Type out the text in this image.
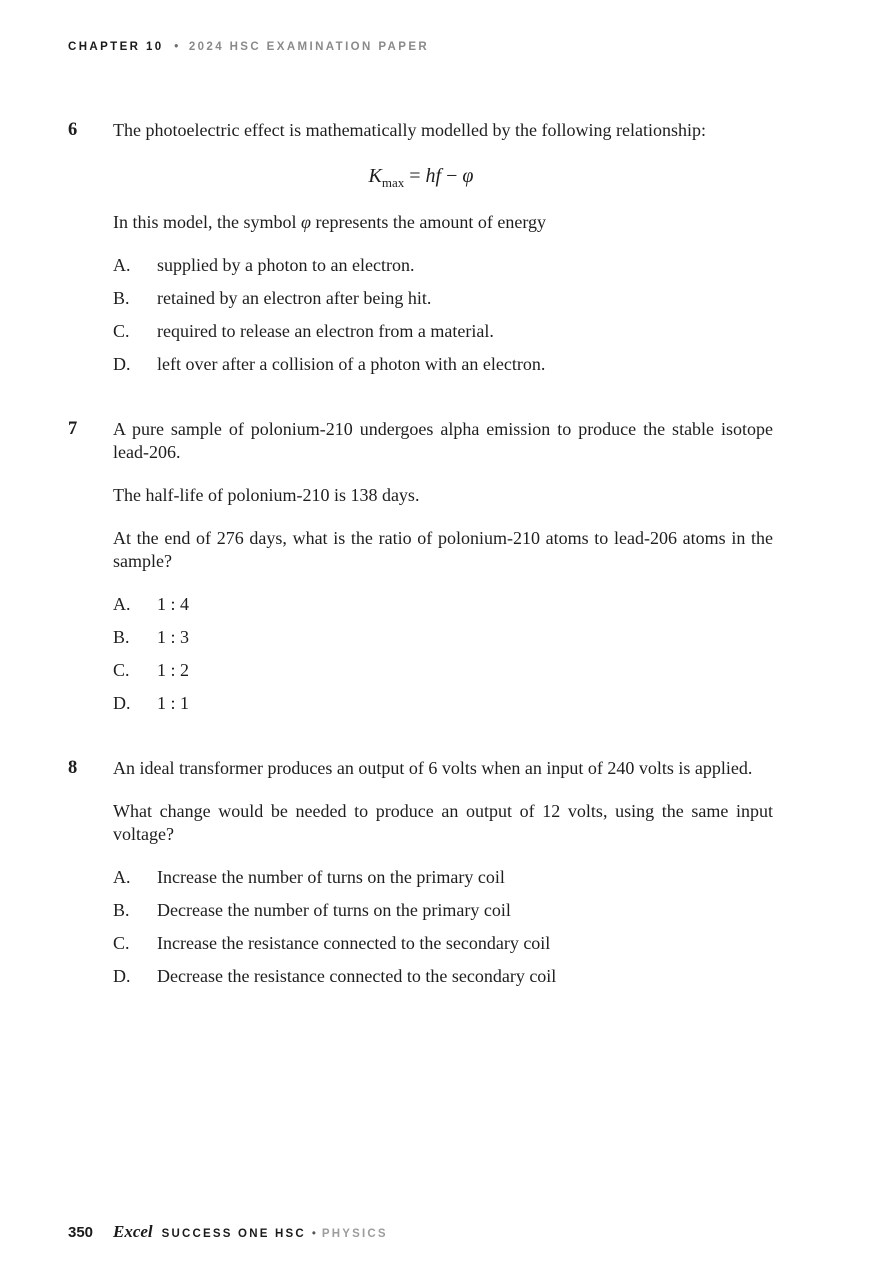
CHAPTER 10 • 2024 HSC EXAMINATION PAPER
6	The photoelectric effect is mathematically modelled by the following relationship:
$K_{max}$ = hf − φ
In this model, the symbol φ represents the amount of energy
A.	supplied by a photon to an electron.
B.	retained by an electron after being hit.
C.	required to release an electron from a material.
D.	left over after a collision of a photon with an electron.
7	A pure sample of polonium-210 undergoes alpha emission to produce the stable isotope
lead-206.
The half-life of polonium-210 is 138 days.
At the end of 276 days, what is the ratio of polonium-210 atoms to lead-206 atoms in the
sample?
A.	1 : 4
B.	1 : 3
C.	1 : 2
D.	1 : 1
8	An ideal transformer produces an output of 6 volts when an input of 240 volts is applied.
What change would be needed to produce an output of 12 volts, using the same input
voltage?
A.	Increase the number of turns on the primary coil
B.	Decrease the number of turns on the primary coil
C.	Increase the resistance connected to the secondary coil
D.	Decrease the resistance connected to the secondary coil
350	Excel SUCCESS ONE HSC • PHYSICS
